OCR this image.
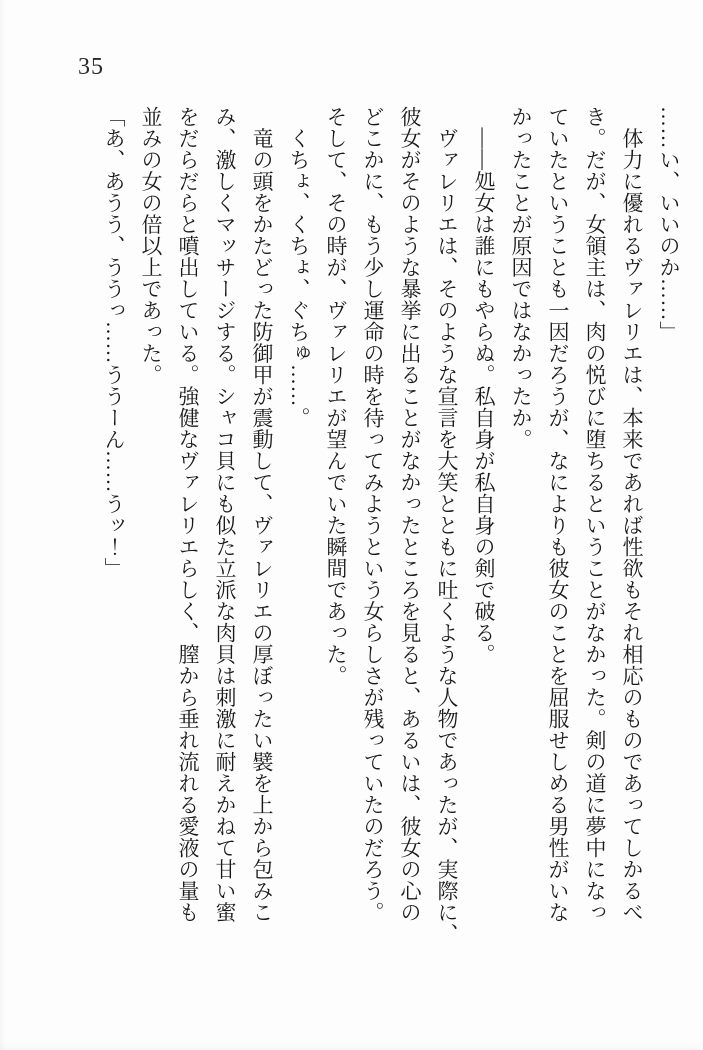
35

……い、いいのか……」

　体力に優れるヴァレリエは、本来であれば性欲もそれ相応のものであってしかるべ

き。だが、女領主は、肉の悦びに堕ちるということがなかった。剣の道に夢中になっ

ていたということも一因だろうが、なによりも彼女のことを屈服せしめる男性がいな

かったことが原因ではなかったか。

　――処女は誰にもやらぬ。私自身が私自身の剣で破る。

　ヴァレリエは、そのような宣言を大笑とともに吐くような人物であったが、実際に、

彼女がそのような暴挙に出ることがなかったところを見ると、あるいは、彼女の心の

どこかに、もう少し運命の時を待ってみようという女らしさが残っていたのだろう。

そして、その時が、ヴァレリエが望んでいた瞬間であった。

　くちょ、くちょ、ぐちゅ……。

　竜の頭をかたどった防御甲が震動して、ヴァレリエの厚ぼったい襞を上から包みこ

み、激しくマッサージする。シャコ貝にも似た立派な肉貝は刺激に耐えかねて甘い蜜

をだらだらと噴出している。強健なヴァレリエらしく、膣から垂れ流れる愛液の量も

並みの女の倍以上であった。

「あ、あうう、ううっ……ううーん……うッ！」
